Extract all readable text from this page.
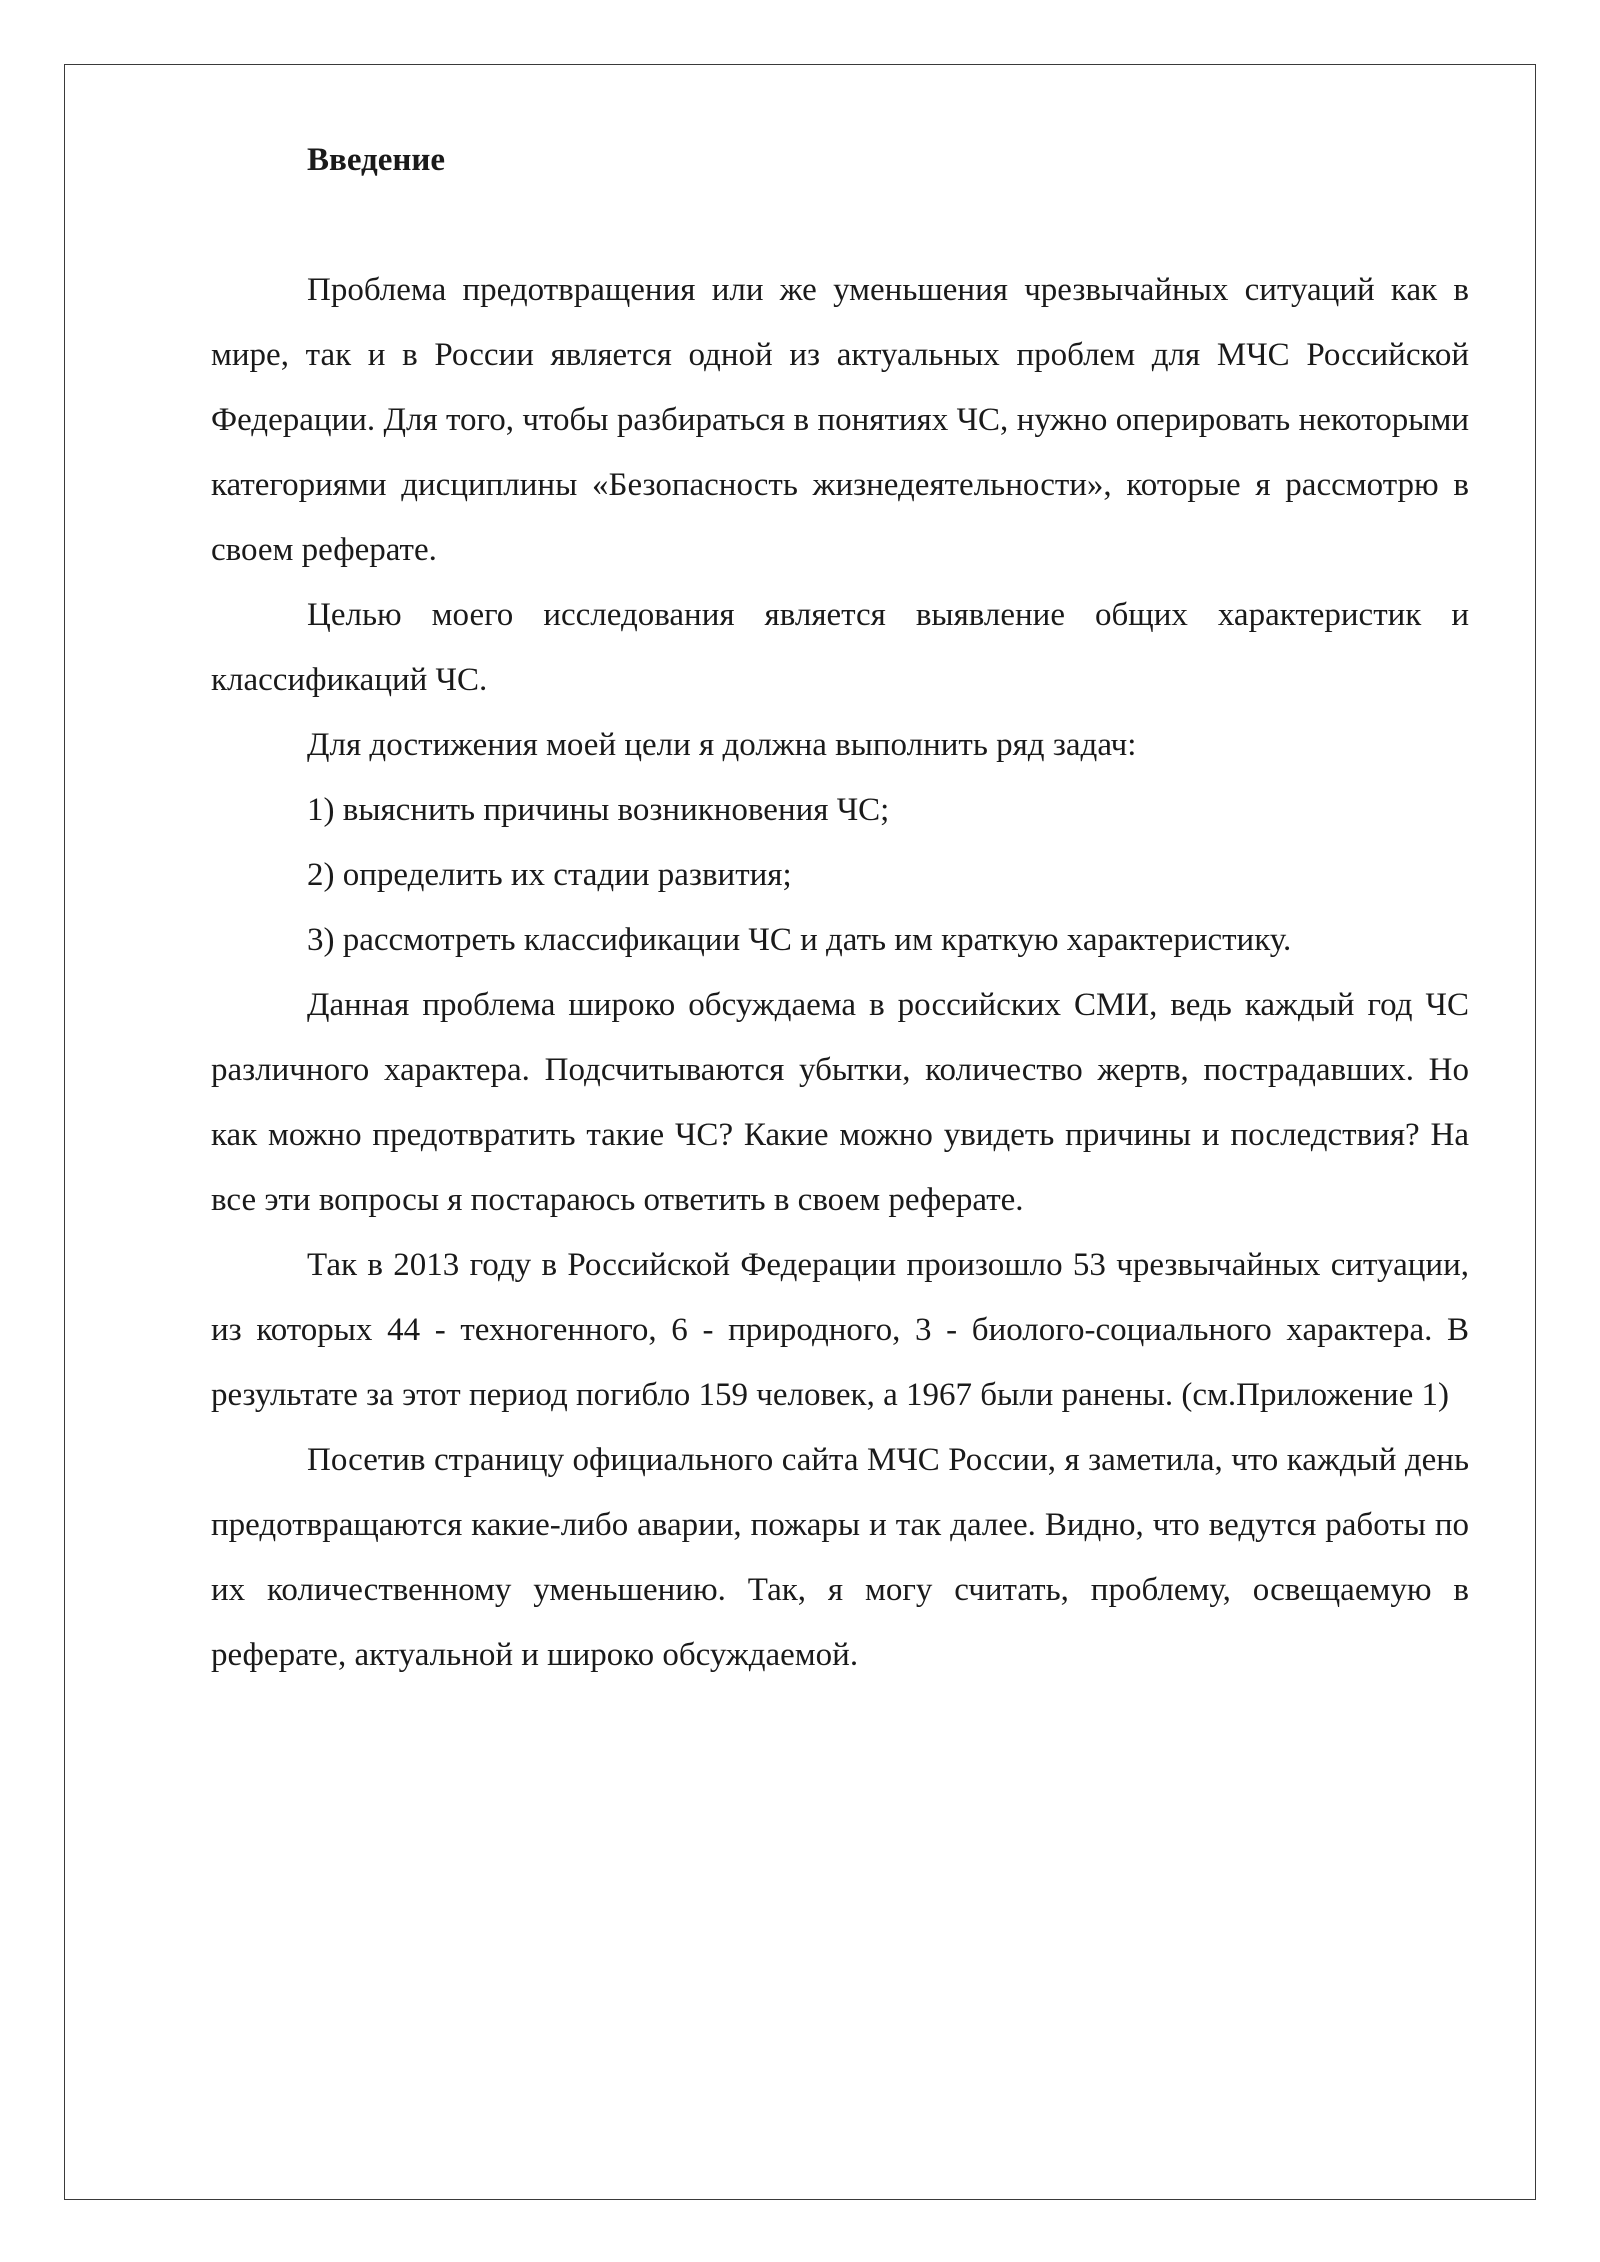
Введение

Проблема предотвращения или же уменьшения чрезвычайных ситуаций как в мире, так и в России является одной из актуальных проблем для МЧС Российской Федерации. Для того, чтобы разбираться в понятиях ЧС, нужно оперировать некоторыми категориями дисциплины «Безопасность жизнедеятельности», которые я рассмотрю в своем реферате.

Целью моего исследования является выявление общих характеристик и классификаций ЧС.

Для достижения моей цели я должна выполнить ряд задач:

1) выяснить причины возникновения ЧС;

2) определить их стадии развития;

3) рассмотреть классификации ЧС и дать им краткую характеристику.

Данная проблема широко обсуждаема в российских СМИ, ведь каждый год ЧС различного характера. Подсчитываются убытки, количество жертв, пострадавших. Но как можно предотвратить такие ЧС? Какие можно увидеть причины и последствия? На все эти вопросы я постараюсь ответить в своем реферате.

Так в 2013 году в Российской Федерации произошло 53 чрезвычайных ситуации, из которых 44 - техногенного, 6 - природного, 3 - биолого-социального характера. В результате за этот период погибло 159 человек, а 1967 были ранены. (см.Приложение 1)

Посетив страницу официального сайта МЧС России, я заметила, что каждый день предотвращаются какие-либо аварии, пожары и так далее. Видно, что ведутся работы по их количественному уменьшению. Так, я могу считать, проблему, освещаемую в реферате, актуальной и широко обсуждаемой.
